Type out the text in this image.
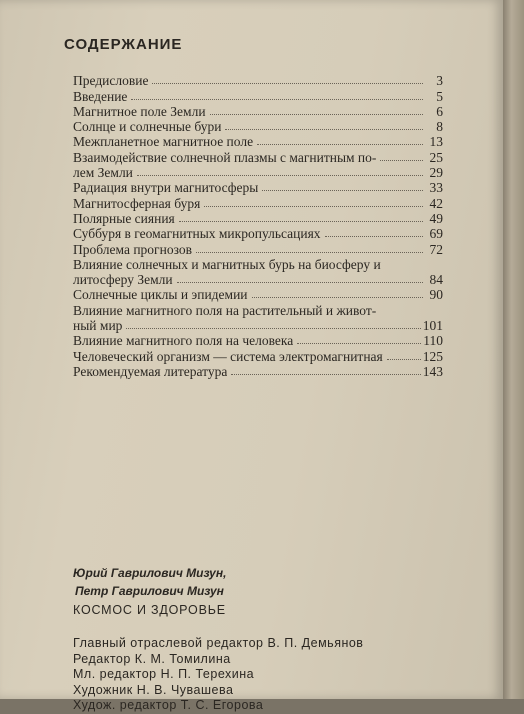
СОДЕРЖАНИЕ
Предисловие	3
Введение	5
Магнитное поле Земли	6
Солнце и солнечные бури	8
Межпланетное магнитное поле	13
Взаимодействие солнечной плазмы с магнитным по-	25
лем Земли	29
Радиация внутри магнитосферы	33
Магнитосферная буря	42
Полярные сияния	49
Суббуря в геомагнитных микропульсациях	69
Проблема прогнозов	72
Влияние солнечных и магнитных бурь на биосферу и
литосферу Земли	84
Солнечные циклы и эпидемии	90
Влияние магнитного поля на растительный и живот-
ный мир	101
Влияние магнитного поля на человека	110
Человеческий организм — система электромагнитная	125
Рекомендуемая литература	143
Юрий Гаврилович Мизун,
Петр Гаврилович Мизун
КОСМОС И ЗДОРОВЬЕ
Главный отраслевой редактор В. П. Демьянов
Редактор К. М. Томилина
Мл. редактор Н. П. Терехина
Художник Н. В. Чувашева
Худож. редактор Т. С. Егорова
